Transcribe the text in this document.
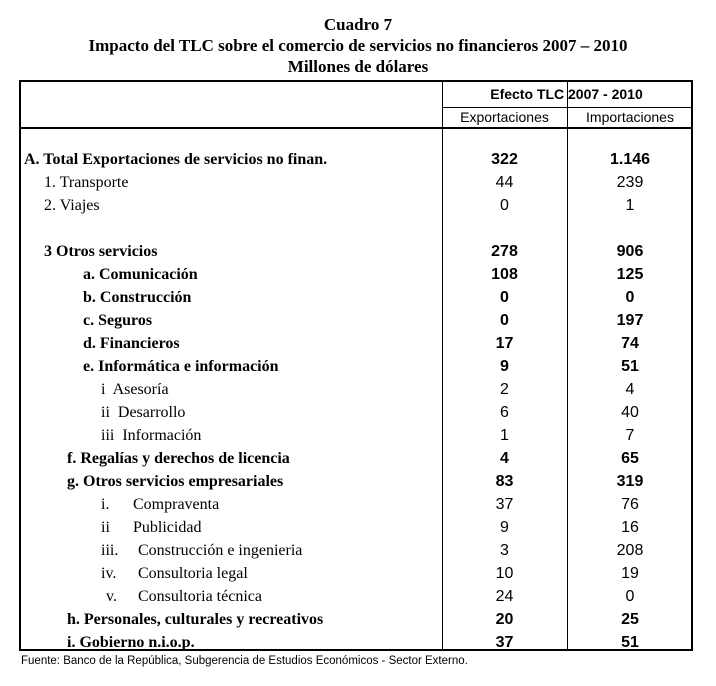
Cuadro 7
Impacto del TLC sobre el comercio de servicios no financieros 2007 – 2010
Millones de dólares
Efecto TLC 2007 - 2010
Exportaciones	Importaciones
A. Total Exportaciones de servicios no finan.	322	1.146
1. Transporte	44	239
2. Viajes	0	1
3 Otros servicios	278	906
a. Comunicación	108	125
b. Construcción	0	0
c. Seguros	0	197
d. Financieros	17	74
e. Informática e información	9	51
i  Asesoría	2	4
ii  Desarrollo	6	40
iii  Información	1	7
f. Regalías y derechos de licencia	4	65
g. Otros servicios empresariales	83	319
i. Compraventa	37	76
ii Publicidad	9	16
iii. Construcción e ingenieria	3	208
iv. Consultoria legal	10	19
v. Consultoria técnica	24	0
h. Personales, culturales y recreativos	20	25
i. Gobierno n.i.o.p.	37	51
Fuente: Banco de la República, Subgerencia de Estudios Económicos - Sector Externo.
